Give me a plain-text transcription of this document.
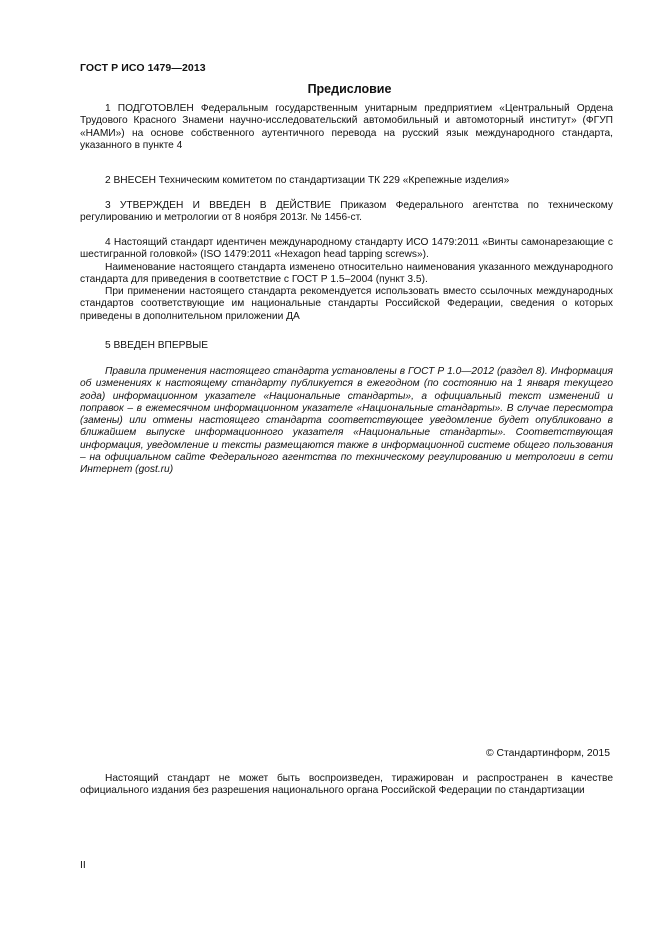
ГОСТ Р ИСО 1479—2013
Предисловие

1 ПОДГОТОВЛЕН Федеральным государственным унитарным предприятием «Центральный Ордена Трудового Красного Знамени научно-исследовательский автомобильный и автомоторный институт» (ФГУП «НАМИ») на основе собственного аутентичного перевода на русский язык международного стандарта, указанного в пункте 4

2 ВНЕСЕН Техническим комитетом по стандартизации ТК 229 «Крепежные изделия»

3 УТВЕРЖДЕН И ВВЕДЕН В ДЕЙСТВИЕ Приказом Федерального агентства по техническому регулированию и метрологии от 8 ноября 2013г. № 1456-ст.

4 Настоящий стандарт идентичен международному стандарту ИСО 1479:2011 «Винты самонарезающие с шестигранной головкой» (ISO 1479:2011 «Hexagon head tapping screws»).

Наименование настоящего стандарта изменено относительно наименования указанного международного стандарта для приведения в соответствие с ГОСТ Р 1.5–2004 (пункт 3.5).

При применении настоящего стандарта рекомендуется использовать вместо ссылочных международных стандартов соответствующие им национальные стандарты Российской Федерации, сведения о которых приведены в дополнительном приложении ДА

5 ВВЕДЕН ВПЕРВЫЕ

Правила применения настоящего стандарта установлены в ГОСТ Р 1.0—2012 (раздел 8). Информация об изменениях к настоящему стандарту публикуется в ежегодном (по состоянию на 1 января текущего года) информационном указателе «Национальные стандарты», а официальный текст изменений и поправок – в ежемесячном информационном указателе «Национальные стандарты». В случае пересмотра (замены) или отмены настоящего стандарта соответствующее уведомление будет опубликовано в ближайшем выпуске информационного указателя «Национальные стандарты». Соответствующая информация, уведомление и тексты размещаются также в информационной системе общего пользования – на официальном сайте Федерального агентства по техническому регулированию и метрологии в сети Интернет (gost.ru)

© Стандартинформ, 2015

Настоящий стандарт не может быть воспроизведен, тиражирован и распространен в качестве официального издания без разрешения национального органа Российской Федерации по стандартизации

II
